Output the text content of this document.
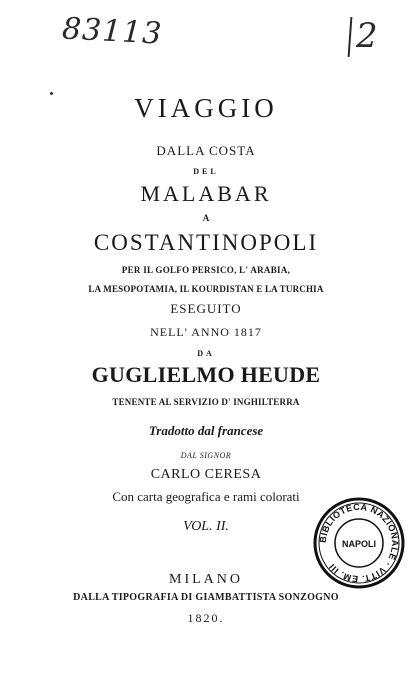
83113	2
VIAGGIO
DALLA COSTA
DEL
MALABAR
A
COSTANTINOPOLI
PER IL GOLFO PERSICO, L' ARABIA,
LA MESOPOTAMIA, IL KOURDISTAN E LA TURCHIA
ESEGUITO
NELL' ANNO 1817
DA
GUGLIELMO HEUDE
TENENTE AL SERVIZIO D' INGHILTERRA
Tradotto dal francese
DAL SIGNOR
CARLO CERESA
Con carta geografica e rami colorati
VOL. II.
MILANO
DALLA TIPOGRAFIA DI GIAMBATTISTA SONZOGNO
1820.
BIBLIOTECA NAZIONALE · VITT. EM. III
NAPOLI
